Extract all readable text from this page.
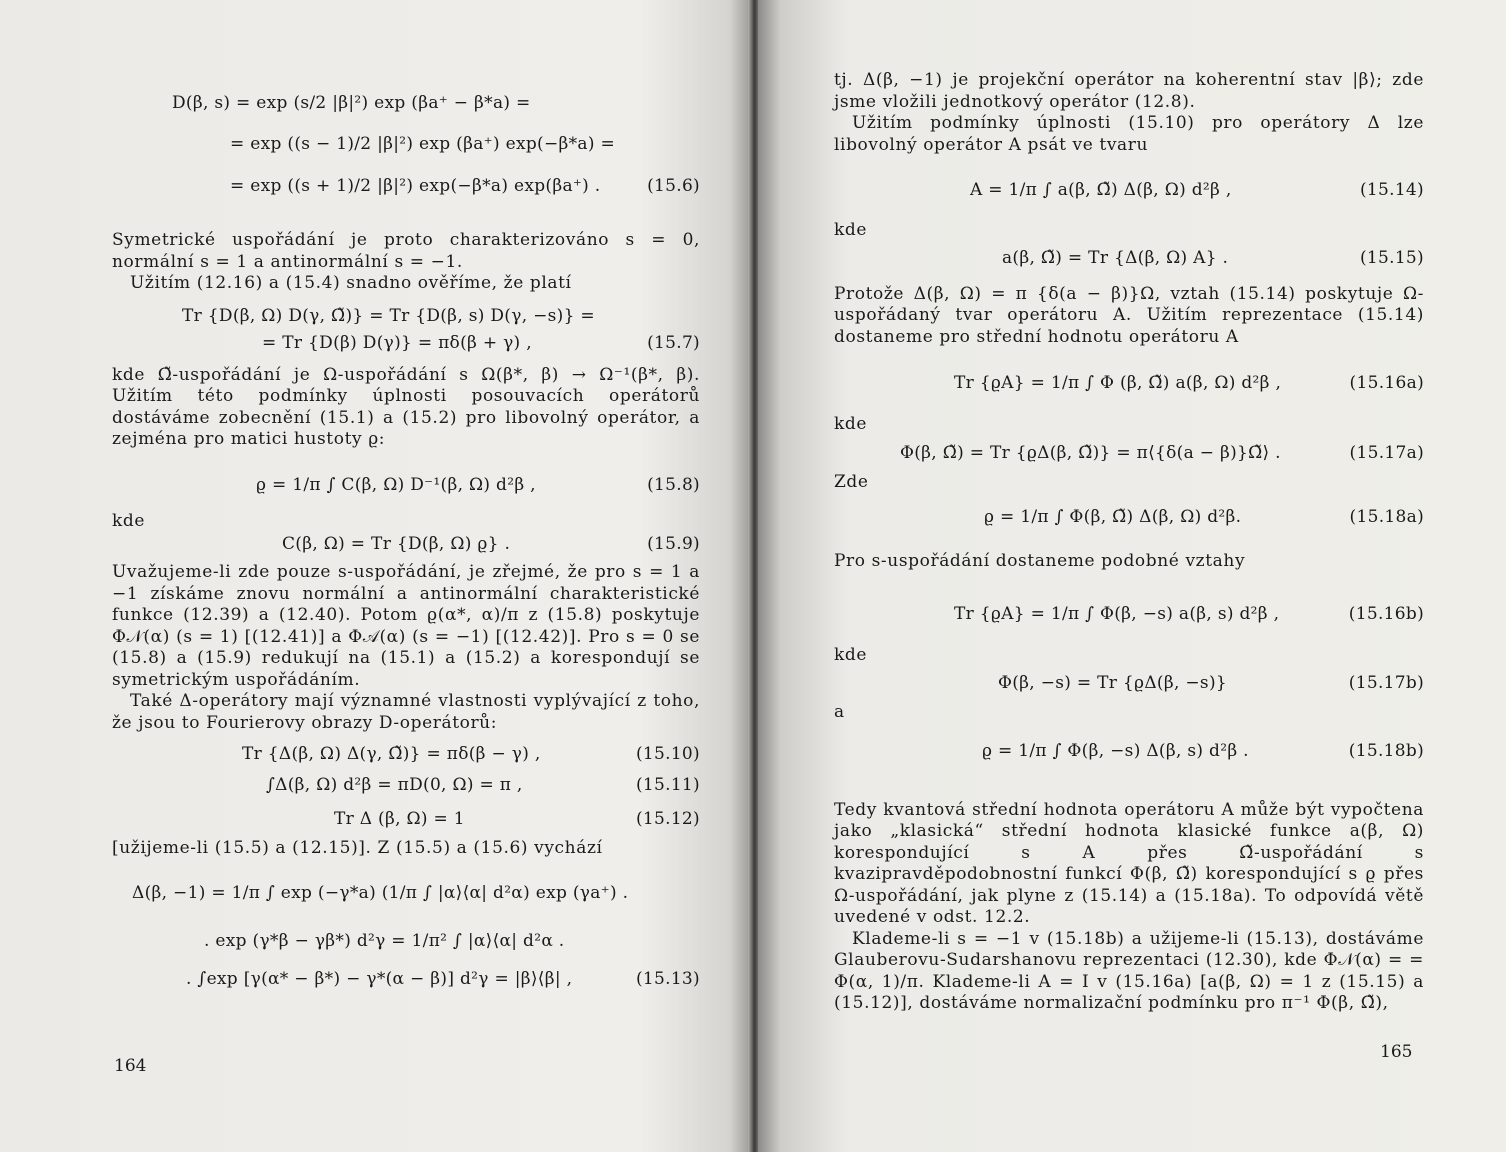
D(β, s) = exp (s/2 |β|²) exp (βa⁺ − β*a) =
= exp ((s − 1)/2 |β|²) exp (βa⁺) exp(−β*a) =
= exp ((s + 1)/2 |β|²) exp(−β*a) exp(βa⁺) .	(15.6)

Symetrické uspořádání je proto charakterizováno s = 0, normální s = 1 a antinormální s = −1.

Užitím (12.16) a (15.4) snadno ověříme, že platí

Tr {D(β, Ω) D(γ, Ω̃)} = Tr {D(β, s) D(γ, −s)} =
= Tr {D(β) D(γ)} = πδ(β + γ) ,	(15.7)

kde Ω̃-uspořádání je Ω-uspořádání s Ω(β*, β) → Ω⁻¹(β*, β). Užitím této podmínky úplnosti posouvacích operátorů dostáváme zobecnění (15.1) a (15.2) pro libovolný operátor, a zejména pro matici hustoty ϱ:

ϱ = 1/π ∫ C(β, Ω) D⁻¹(β, Ω) d²β ,	(15.8)

kde

C(β, Ω) = Tr {D(β, Ω) ϱ} .	(15.9)

Uvažujeme-li zde pouze s-uspořádání, je zřejmé, že pro s = 1 a −1 získáme znovu normální a antinormální charakteristické funkce (12.39) a (12.40). Potom ϱ(α*, α)/π z (15.8) poskytuje Φ𝒩(α) (s = 1) [(12.41)] a Φ𝒜(α) (s = −1) [(12.42)]. Pro s = 0 se (15.8) a (15.9) redukují na (15.1) a (15.2) a korespondují se symetrickým uspořádáním.

Také Δ-operátory mají významné vlastnosti vyplývající z toho, že jsou to Fourierovy obrazy D-operátorů:

Tr {Δ(β, Ω) Δ(γ, Ω̃)} = πδ(β − γ) ,	(15.10)
∫Δ(β, Ω) d²β = πD(0, Ω) = π ,	(15.11)
Tr Δ (β, Ω) = 1	(15.12)

[užijeme-li (15.5) a (12.15)]. Z (15.5) a (15.6) vychází

Δ(β, −1) = 1/π ∫ exp (−γ*a) (1/π ∫ |α⟩⟨α| d²α) exp (γa⁺) .
. exp (γ*β − γβ*) d²γ = 1/π² ∫ |α⟩⟨α| d²α .
. ∫exp [γ(α* − β*) − γ*(α − β)] d²γ = |β⟩⟨β| ,	(15.13)
164

tj. Δ(β, −1) je projekční operátor na koherentní stav |β⟩; zde jsme vložili jednotkový operátor (12.8).

Užitím podmínky úplnosti (15.10) pro operátory Δ lze libovolný operátor A psát ve tvaru

A = 1/π ∫ a(β, Ω̃) Δ(β, Ω) d²β ,	(15.14)

kde

a(β, Ω̃) = Tr {Δ(β, Ω) A} .	(15.15)

Protože Δ(β, Ω) = π {δ(a − β)}Ω, vztah (15.14) poskytuje Ω-uspořádaný tvar operátoru A. Užitím reprezentace (15.14) dostaneme pro střední hodnotu operátoru A

Tr {ϱA} = 1/π ∫ Φ (β, Ω̃) a(β, Ω) d²β ,	(15.16a)

kde

Φ(β, Ω̃) = Tr {ϱΔ(β, Ω̃)} = π⟨{δ(a − β)}Ω̃⟩ .	(15.17a)

Zde

ϱ = 1/π ∫ Φ(β, Ω̃) Δ(β, Ω) d²β.	(15.18a)

Pro s-uspořádání dostaneme podobné vztahy

Tr {ϱA} = 1/π ∫ Φ(β, −s) a(β, s) d²β ,	(15.16b)

kde

Φ(β, −s) = Tr {ϱΔ(β, −s)}	(15.17b)

a

ϱ = 1/π ∫ Φ(β, −s) Δ(β, s) d²β .	(15.18b)

Tedy kvantová střední hodnota operátoru A může být vypočtena jako „klasická“ střední hodnota klasické funkce a(β, Ω) korespondující s A přes Ω̃-uspořádání s kvazipravděpodobnostní funkcí Φ(β, Ω̃) korespondující s ϱ přes Ω-uspořádání, jak plyne z (15.14) a (15.18a). To odpovídá větě uvedené v odst. 12.2.

Klademe-li s = −1 v (15.18b) a užijeme-li (15.13), dostáváme Glauberovu-Sudarshanovu reprezentaci (12.30), kde Φ𝒩(α) = = Φ(α, 1)/π. Klademe-li A = I v (15.16a) [a(β, Ω) = 1 z (15.15) a (15.12)], dostáváme normalizační podmínku pro π⁻¹ Φ(β, Ω̃),

165
